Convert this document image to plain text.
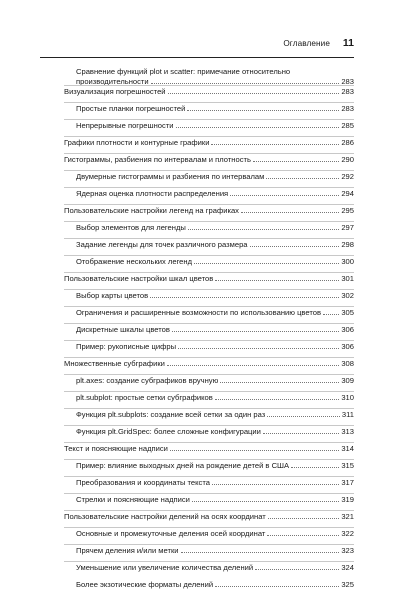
Оглавление 11
Сравнение функций plot и scatter: примечание относительно
производительности	283
Визуализация погрешностей	283
Простые планки погрешностей	283
Непрерывные погрешности	285
Графики плотности и контурные графики	286
Гистограммы, разбиения по интервалам и плотность	290
Двумерные гистограммы и разбиения по интервалам	292
Ядерная оценка плотности распределения	294
Пользовательские настройки легенд на графиках	295
Выбор элементов для легенды	297
Задание легенды для точек различного размера	298
Отображение нескольких легенд	300
Пользовательские настройки шкал цветов	301
Выбор карты цветов	302
Ограничения и расширенные возможности по использованию цветов	305
Дискретные шкалы цветов	306
Пример: рукописные цифры	306
Множественные субграфики	308
plt.axes: создание субграфиков вручную	309
plt.subplot: простые сетки субграфиков	310
Функция plt.subplots: создание всей сетки за один раз	311
Функция plt.GridSpec: более сложные конфигурации	313
Текст и поясняющие надписи	314
Пример: влияние выходных дней на рождение детей в США	315
Преобразования и координаты текста	317
Стрелки и поясняющие надписи	319
Пользовательские настройки делений на осях координат	321
Основные и промежуточные деления осей координат	322
Прячем деления и/или метки	323
Уменьшение или увеличение количества делений	324
Более экзотические форматы делений	325
